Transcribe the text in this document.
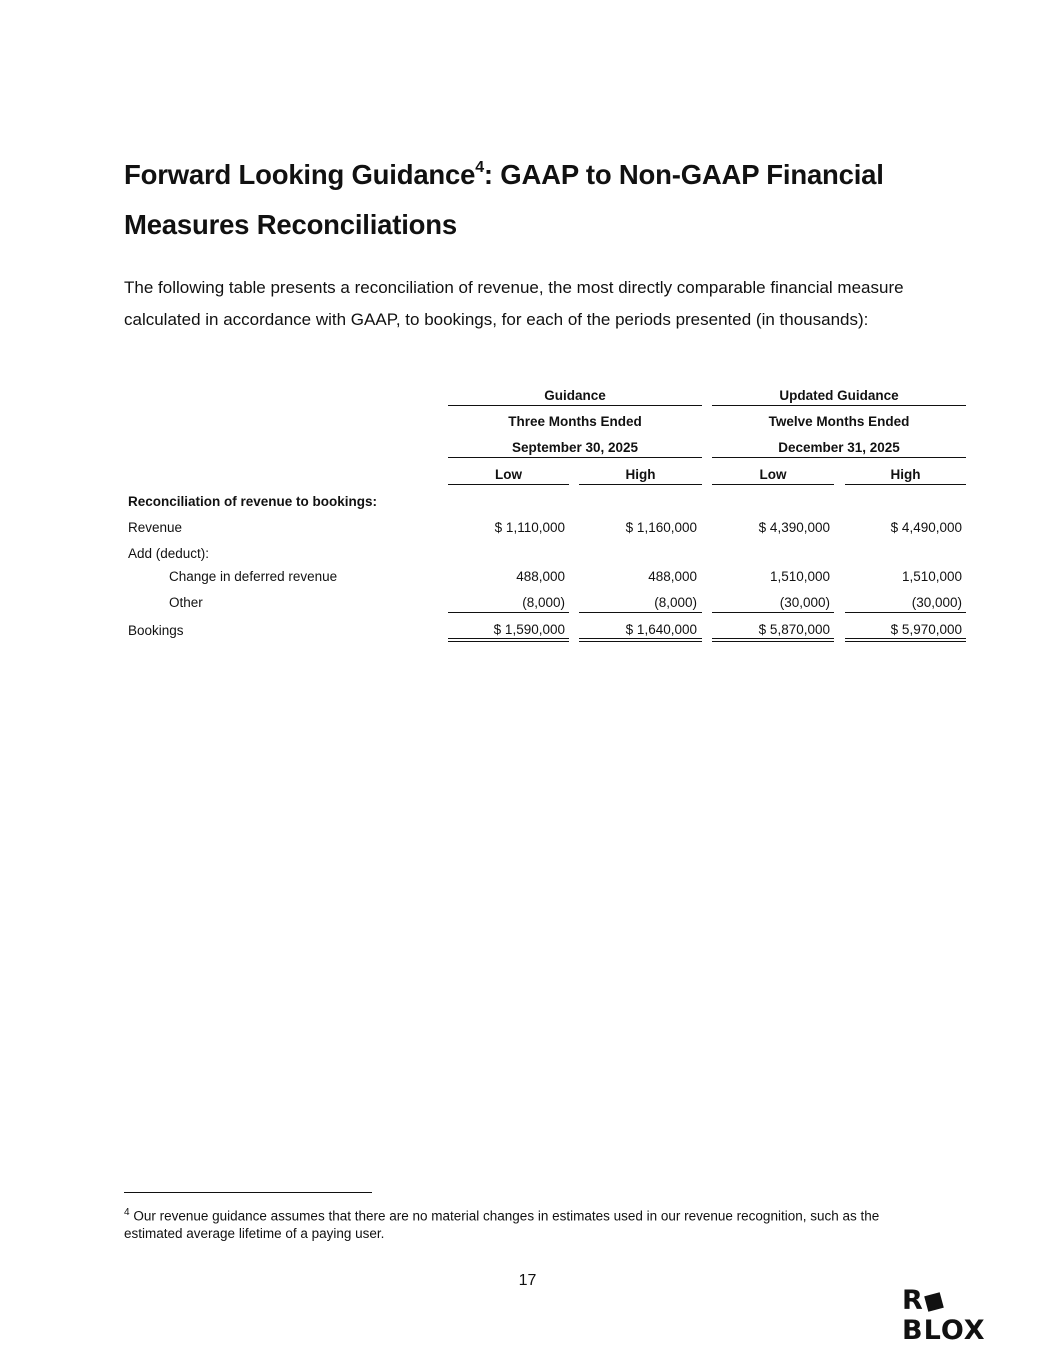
Forward Looking Guidance$^4$: GAAP to Non-GAAP Financial Measures Reconciliations

The following table presents a reconciliation of revenue, the most directly comparable financial measure calculated in accordance with GAAP, to bookings, for each of the periods presented (in thousands):

Guidance	Updated Guidance
Three Months Ended
September 30, 2025
Twelve Months Ended
December 31, 2025
Low	High	Low	High
Reconciliation of revenue to bookings:
Revenue	$ 1,110,000	$ 1,160,000	$ 4,390,000	$ 4,490,000
Add (deduct):
Change in deferred revenue	488,000	488,000	1,510,000	1,510,000
Other	(8,000)	(8,000)	(30,000)	(30,000)
Bookings	$ 1,590,000	$ 1,640,000	$ 5,870,000	$ 5,970,000

$^4$ Our revenue guidance assumes that there are no material changes in estimates used in our revenue recognition, such as the estimated average lifetime of a paying user.

17
RBLOX
